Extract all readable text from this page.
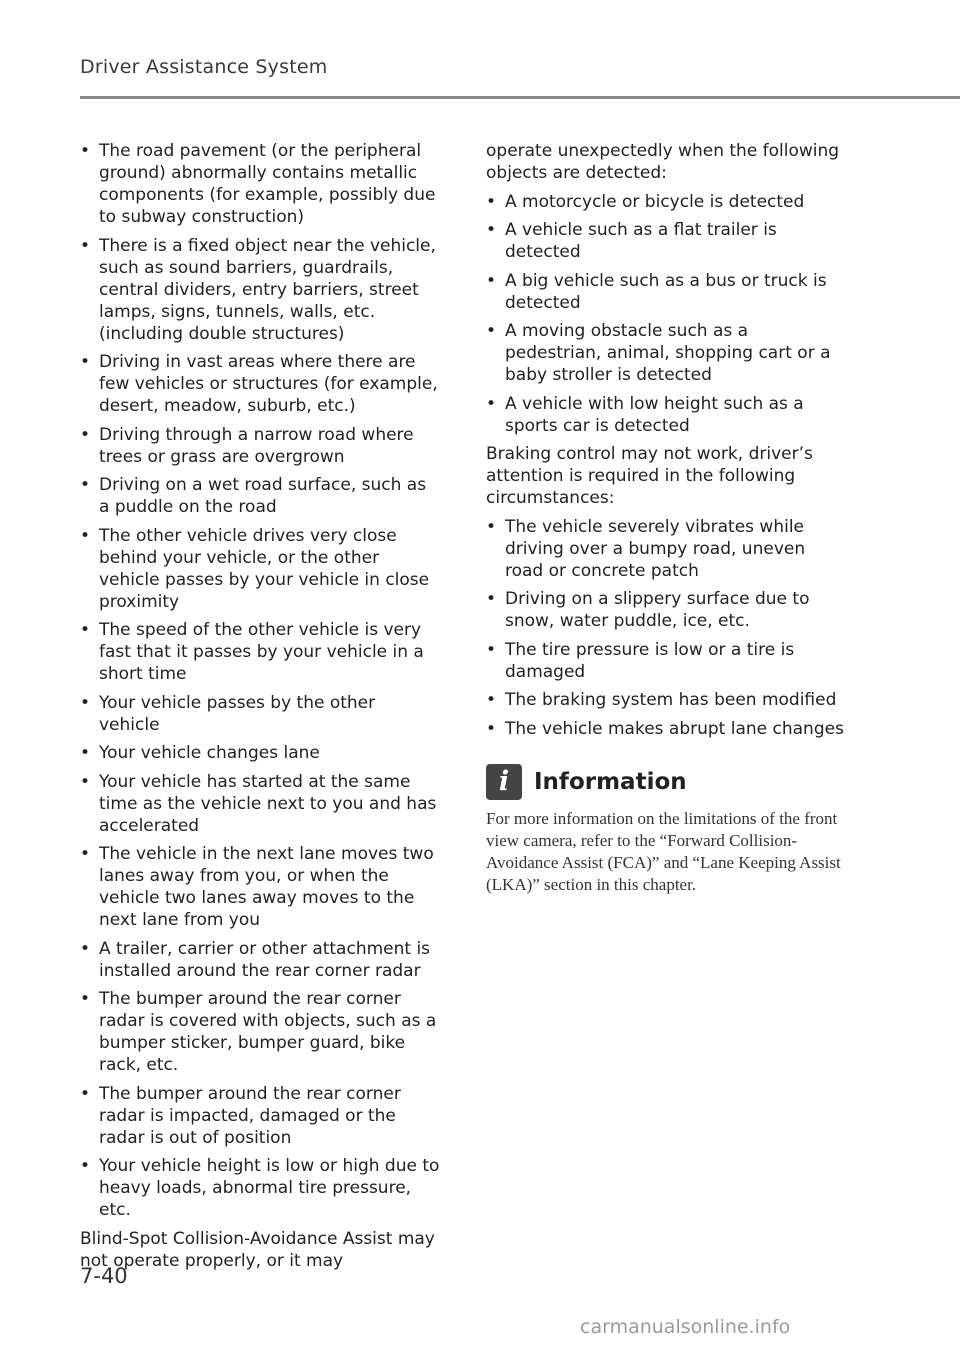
Driver Assistance System
• The road pavement (or the peripheral ground) abnormally contains metallic components (for example, possibly due to subway construction)
• There is a fixed object near the vehicle, such as sound barriers, guardrails, central dividers, entry barriers, street lamps, signs, tunnels, walls, etc. (including double structures)
• Driving in vast areas where there are few vehicles or structures (for example, desert, meadow, suburb, etc.)
• Driving through a narrow road where trees or grass are overgrown
• Driving on a wet road surface, such as a puddle on the road
• The other vehicle drives very close behind your vehicle, or the other vehicle passes by your vehicle in close proximity
• The speed of the other vehicle is very fast that it passes by your vehicle in a short time
• Your vehicle passes by the other vehicle
• Your vehicle changes lane
• Your vehicle has started at the same time as the vehicle next to you and has accelerated
• The vehicle in the next lane moves two lanes away from you, or when the vehicle two lanes away moves to the next lane from you
• A trailer, carrier or other attachment is installed around the rear corner radar
• The bumper around the rear corner radar is covered with objects, such as a bumper sticker, bumper guard, bike rack, etc.
• The bumper around the rear corner radar is impacted, damaged or the radar is out of position
• Your vehicle height is low or high due to heavy loads, abnormal tire pressure, etc.

Blind-Spot Collision-Avoidance Assist may not operate properly, or it may

operate unexpectedly when the following objects are detected:

• A motorcycle or bicycle is detected
• A vehicle such as a flat trailer is detected
• A big vehicle such as a bus or truck is detected
• A moving obstacle such as a pedestrian, animal, shopping cart or a baby stroller is detected
• A vehicle with low height such as a sports car is detected

Braking control may not work, driver’s attention is required in the following circumstances:

• The vehicle severely vibrates while driving over a bumpy road, uneven road or concrete patch
• Driving on a slippery surface due to snow, water puddle, ice, etc.
• The tire pressure is low or a tire is damaged
• The braking system has been modified
• The vehicle makes abrupt lane changes
i Information

For more information on the limitations of the front view camera, refer to the “Forward Collision-Avoidance Assist (FCA)” and “Lane Keeping Assist (LKA)” section in this chapter.

7-40
carmanualsonline.info
